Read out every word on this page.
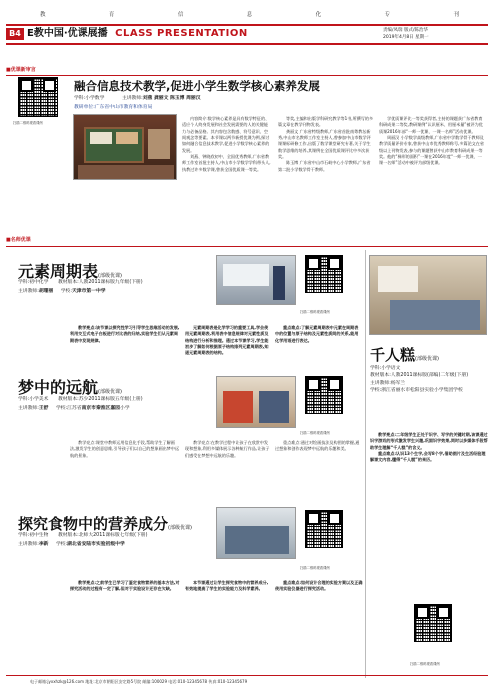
教	育	信	息	化	专	刊
B4 E教中国·优课展播 CLASS PRESENTATION	责编/凤瑞 版式/陈治华
2019年4月8日 星期一
■优课新审言
扫描二维码观看课例
融合信息技术教学,促进小学生数学核心素养发展
学科:小学数学	主讲教师:刘燕 龚丽文 陈玉博 周丽汉
教研单位:广东省中山市教育和体育局

内容简介:数学核心素养是具有数学特征的、适应个人终身发展和社会发展需要的人的关键能力与必备品格。其内容包含数感、符号意识、空间观念等要素。本节课以两节新授优课为例,探讨如何融合信息技术教学,促进小学数学核心素养的发展。

刘燕、钟晓欣初中、全国优秀教师,广东省教师工作室首批主持人,中山市小学数学学科带头人,执教过许多数学课,曾获全国优质课一等奖。

等奖,主编和出版学科研究教学等1书,所撰写的多篇文章在教学刊物发表。

龚丽文 广东省特级教师,广东省首批南粤教坛新秀,中山市名教师工作室主持人,曾参加中山市数学评课课标研修工作,出版了数学课堂研究专著,关于学生数学思维的培养,其课例在全国优质课评比中多次获奖。

陈玉博 广东省中山市石岐中心小学教师,广东省第二批小学数学骨干教师。

学优质课评比一等奖获得者,主持的课题获广东省教育科研成果二等奖,教研课例“认识厘米、用厘米量”被评为优质课2016年部“一师一优课、一课一名师”活动优课。

周丽汉 小学数学高级教师,广东省中学数学骨干教师及教学质量评价专家,曾获中山市优秀教师称号,多篇论文在省级以上刊物发表,参与的课题曾获中山市教育科研成果一等奖。他的“梯形的面积”一课在2016年度“一师一优课、一课一名师”活动中被评为部级优课。

■名师优课
元素周期表(部级优课)
学科:初中化学 教材版本:人教2011课标版九年级(下册)
主讲教师:胡珊丽 学校:天津市第一中学
扫描二维码观看课例

教学亮点:该节课以探究性学习引导学生思维活动的发展,利用交互式电子白板进行对比表的归纳,实验学生们从元素周期表中发现规律。

元素周期表是化学学习的重要工具,学会使用元素周期表,利用表中信息规律对元素性质及结构进行分析和推理。通过本节课学习,学生能初步了解如何根据原子结构排列元素周期表,知道元素周期表的结构。

重点难点:了解元素周期表中元素在周期表中的位置与原子结构及元素性质间的关系,能用化学用语进行表达。

千人糕(部级优课)
学科:小学语文
教材版本:人教2011课标版(部编)二年级(下册)
主讲教师:杨军兰
学校:浙江省丽水市松阳县实验小学集团学校

教学亮点:二年级学生正处于识字、写字的关键时期,该课通过识字游戏的形式激发学生兴趣,巩固识字效果,同时以多媒体手段帮助学生理解“千人糕”的含义。

重点难点:认识13个生字,会写8个字,借助图片及生活经验理解课文内容,懂得“千人糕”的来历。

扫描二维码观看课例
梦中的远航(部级优课)
学科:小学美术 教材版本:苏少2011课标版五年级(上册)
主讲教师:王舒 学校:江苏省南京市秦淮区嘉园小学
扫描二维码观看课例

教学亮点:课堂中教师运用信息化手段,帮助学生了解画法,激发学生的创意思维,引导孩子们以自己的想象画出梦中远航的景象。

教学亮点:在教学过程中让孩子在欣赏中发现和想象,利用多媒体展示各种航行作品,让孩子们感受在梦想中远航的乐趣。

重点难点:通过对绘画技法及构图的掌握,通过想象和创作表现梦中远航的乐趣和美。

探究食物中的营养成分(部级优课)
学科:初中生物 教材版本:北师大2011课标版七年级(下册)
主讲教师:李新 学校:湖北省安陆市实验初级中学
扫描二维码观看课例

教学亮点:之前学生已学习了鉴定食物营养的基本方法,对探究活动的过程有一定了解,但对于实验设计还存在欠缺。

本节课通过让学生探究食物中的营养成分,有效地提高了学生的实验能力及科学素养。

重点难点:如何设计合理的实验方案以及正确使用实验仪器进行探究活动。

电子邮箱:jyxxhzk@126.com 地址:北京市朝阳区安定路5号院 邮编:100029 电话:010-12345678 传真:010-12345679
